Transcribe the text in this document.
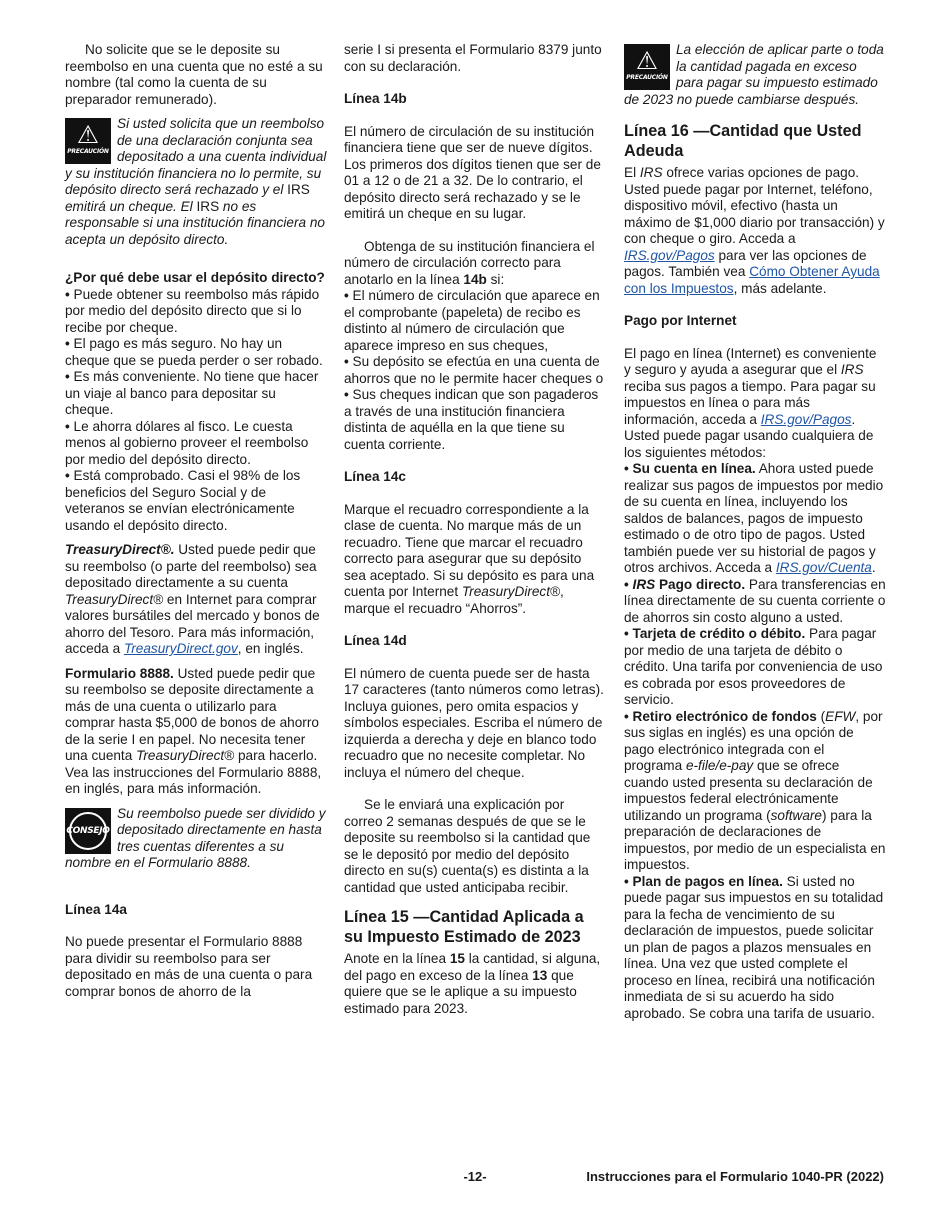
No solicite que se le deposite su reembolso en una cuenta que no esté a su nombre (tal como la cuenta de su preparador remunerado).

⚠
PRECAUCIÓN
Si usted solicita que un reembolso de una declaración conjunta sea depositado a una cuenta individual y su institución financiera no lo permite, su depósito directo será rechazado y el IRS emitirá un cheque. El IRS no es responsable si una institución financiera no acepta un depósito directo.

¿Por qué debe usar el depósito directo?

• Puede obtener su reembolso más rápido por medio del depósito directo que si lo recibe por cheque.

• El pago es más seguro. No hay un cheque que se pueda perder o ser robado.

• Es más conveniente. No tiene que hacer un viaje al banco para depositar su cheque.

• Le ahorra dólares al fisco. Le cuesta menos al gobierno proveer el reembolso por medio del depósito directo.

• Está comprobado. Casi el 98% de los beneficios del Seguro Social y de veteranos se envían electrónicamente usando el depósito directo.

TreasuryDirect®. Usted puede pedir que su reembolso (o parte del reembolso) sea depositado directamente a su cuenta TreasuryDirect® en Internet para comprar valores bursátiles del mercado y bonos de ahorro del Tesoro. Para más información, acceda a TreasuryDirect.gov, en inglés.

Formulario 8888. Usted puede pedir que su reembolso se deposite directamente a más de una cuenta o utilizarlo para comprar hasta $5,000 de bonos de ahorro de la serie I en papel. No necesita tener una cuenta TreasuryDirect® para hacerlo. Vea las instrucciones del Formulario 8888, en inglés, para más información.

CONSEJO
Su reembolso puede ser dividido y depositado directamente en hasta tres cuentas diferentes a su nombre en el Formulario 8888.

Línea 14a

No puede presentar el Formulario 8888 para dividir su reembolso para ser depositado en más de una cuenta o para comprar bonos de ahorro de la

serie I si presenta el Formulario 8379 junto con su declaración.

Línea 14b

El número de circulación de su institución financiera tiene que ser de nueve dígitos. Los primeros dos dígitos tienen que ser de 01 a 12 o de 21 a 32. De lo contrario, el depósito directo será rechazado y se le emitirá un cheque en su lugar.

Obtenga de su institución financiera el número de circulación correcto para anotarlo en la línea 14b si:

• El número de circulación que aparece en el comprobante (papeleta) de recibo es distinto al número de circulación que aparece impreso en sus cheques,

• Su depósito se efectúa en una cuenta de ahorros que no le permite hacer cheques o

• Sus cheques indican que son pagaderos a través de una institución financiera distinta de aquélla en la que tiene su cuenta corriente.

Línea 14c

Marque el recuadro correspondiente a la clase de cuenta. No marque más de un recuadro. Tiene que marcar el recuadro correcto para asegurar que su depósito sea aceptado. Si su depósito es para una cuenta por Internet TreasuryDirect®, marque el recuadro “Ahorros”.

Línea 14d

El número de cuenta puede ser de hasta 17 caracteres (tanto números como letras). Incluya guiones, pero omita espacios y símbolos especiales. Escriba el número de izquierda a derecha y deje en blanco todo recuadro que no necesite completar. No incluya el número del cheque.

Se le enviará una explicación por correo 2 semanas después de que se le deposite su reembolso si la cantidad que se le depositó por medio del depósito directo en su(s) cuenta(s) es distinta a la cantidad que usted anticipaba recibir.

Línea 15 —Cantidad Aplicada a su Impuesto Estimado de 2023

Anote en la línea 15 la cantidad, si alguna, del pago en exceso de la línea 13 que quiere que se le aplique a su impuesto estimado para 2023.

⚠
PRECAUCIÓN
La elección de aplicar parte o toda la cantidad pagada en exceso para pagar su impuesto estimado de 2023 no puede cambiarse después.

Línea 16 —Cantidad que Usted Adeuda

El IRS ofrece varias opciones de pago. Usted puede pagar por Internet, teléfono, dispositivo móvil, efectivo (hasta un máximo de $1,000 diario por transacción) y con cheque o giro. Acceda a IRS.gov/Pagos para ver las opciones de pagos. También vea Cómo Obtener Ayuda con los Impuestos, más adelante.

Pago por Internet

El pago en línea (Internet) es conveniente y seguro y ayuda a asegurar que el IRS reciba sus pagos a tiempo. Para pagar su impuestos en línea o para más información, acceda a IRS.gov/Pagos. Usted puede pagar usando cualquiera de los siguientes métodos:

• Su cuenta en línea. Ahora usted puede realizar sus pagos de impuestos por medio de su cuenta en línea, incluyendo los saldos de balances, pagos de impuesto estimado o de otro tipo de pagos. Usted también puede ver su historial de pagos y otros archivos. Acceda a IRS.gov/Cuenta.

• IRS Pago directo. Para transferencias en línea directamente de su cuenta corriente o de ahorros sin costo alguno a usted.

• Tarjeta de crédito o débito. Para pagar por medio de una tarjeta de débito o crédito. Una tarifa por conveniencia de uso es cobrada por esos proveedores de servicio.

• Retiro electrónico de fondos (EFW, por sus siglas en inglés) es una opción de pago electrónico integrada con el programa e-file/e-pay que se ofrece cuando usted presenta su declaración de impuestos federal electrónicamente utilizando un programa (software) para la preparación de declaraciones de impuestos, por medio de un especialista en impuestos.

• Plan de pagos en línea. Si usted no puede pagar sus impuestos en su totalidad para la fecha de vencimiento de su declaración de impuestos, puede solicitar un plan de pagos a plazos mensuales en línea. Una vez que usted complete el proceso en línea, recibirá una notificación inmediata de si su acuerdo ha sido aprobado. Se cobra una tarifa de usuario.

-12-	Instrucciones para el Formulario 1040-PR (2022)
